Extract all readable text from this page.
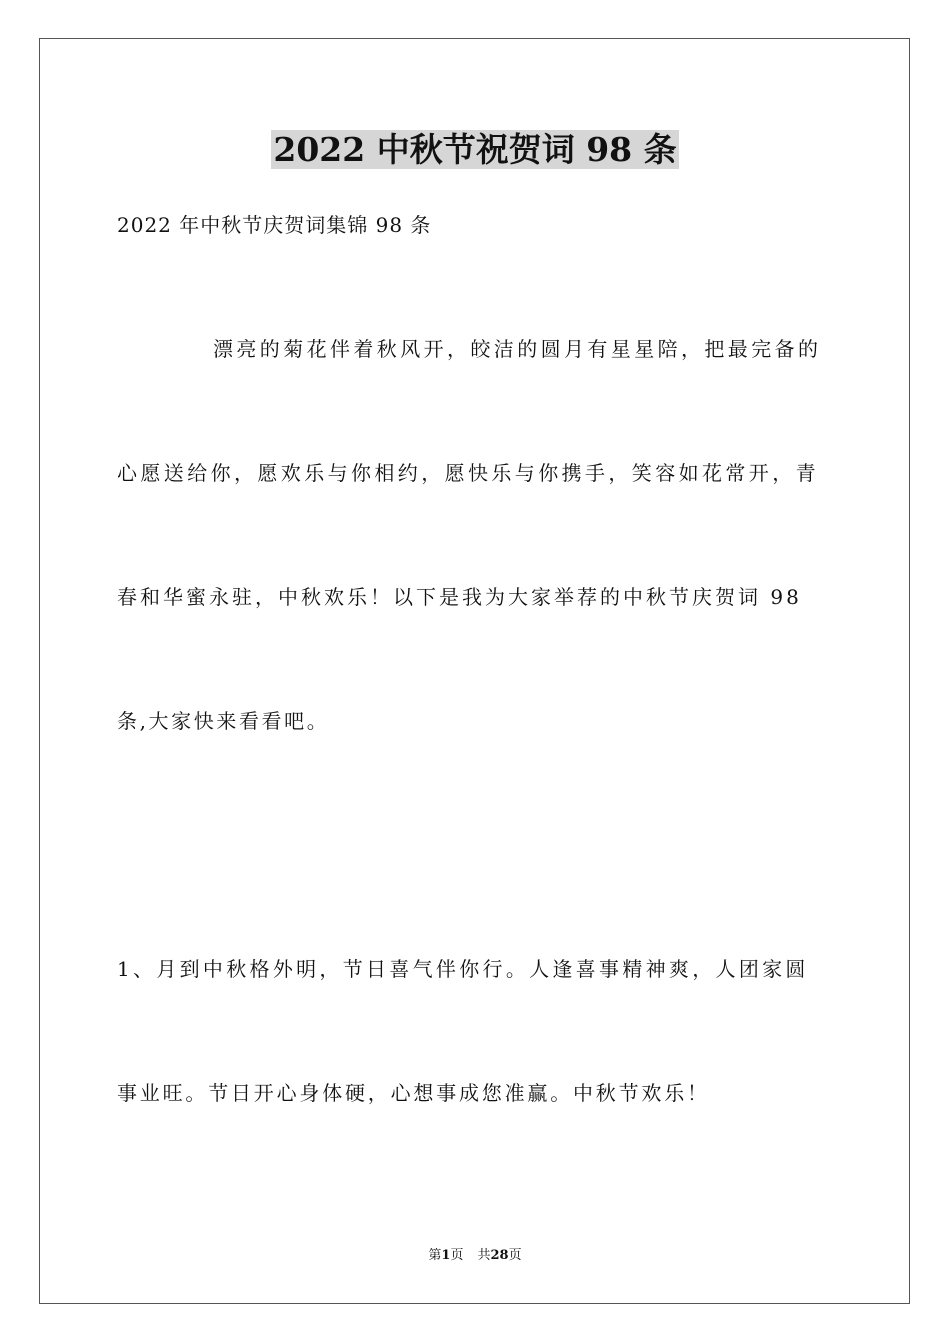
2022 中秋节祝贺词 98 条
2022 年中秋节庆贺词集锦 98 条
漂亮的菊花伴着秋风开，皎洁的圆月有星星陪，把最完备的
心愿送给你，愿欢乐与你相约，愿快乐与你携手，笑容如花常开，青
春和华蜜永驻，中秋欢乐！以下是我为大家举荐的中秋节庆贺词 98
条,大家快来看看吧。
1、月到中秋格外明，节日喜气伴你行。人逢喜事精神爽，人团家圆
事业旺。节日开心身体硬，心想事成您准赢。中秋节欢乐！
第1页 共28页
